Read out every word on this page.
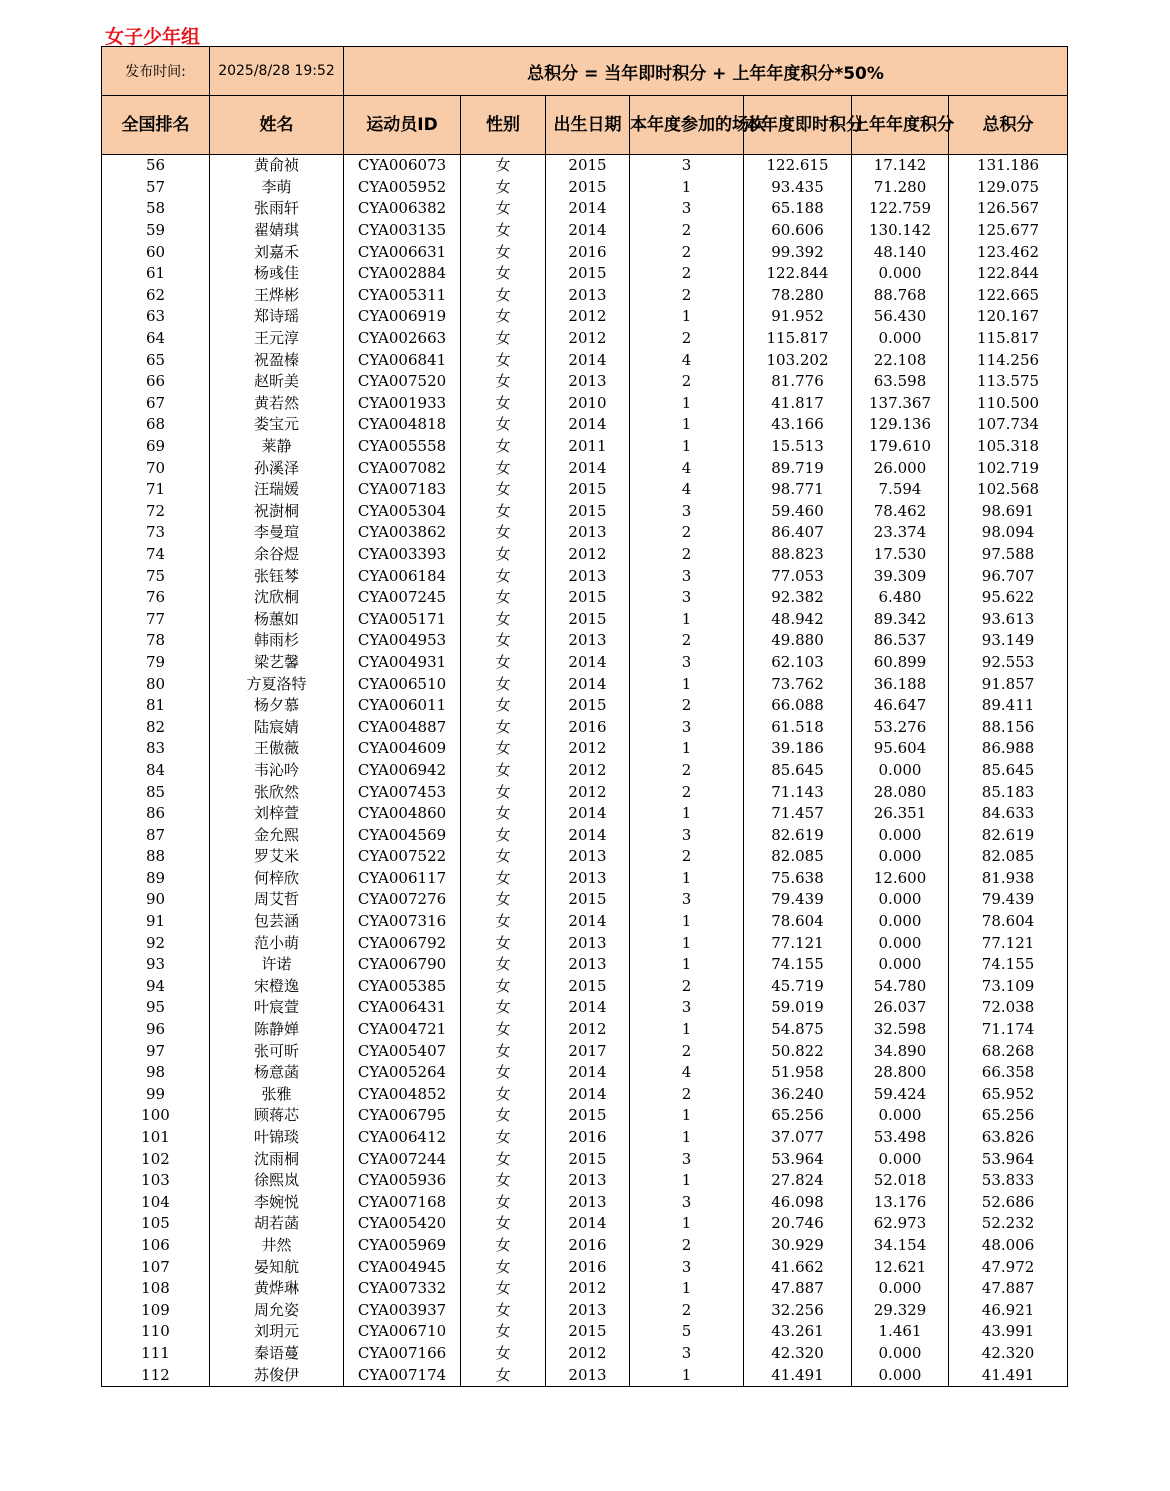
女子少年组
发布时间:	2025/8/28 19:52	总积分 = 当年即时积分 + 上年年度积分*50%						
全国排名	姓名	运动员ID	性别	出生日期	本年度参加的场次	本年度即时积分	上年年度积分	总积分
56	黄俞祯	CYA006073	女	2015	3	122.615	17.142	131.186
57	李萌	CYA005952	女	2015	1	93.435	71.280	129.075
58	张雨轩	CYA006382	女	2014	3	65.188	122.759	126.567
59	翟婧琪	CYA003135	女	2014	2	60.606	130.142	125.677
60	刘嘉禾	CYA006631	女	2016	2	99.392	48.140	123.462
61	杨彧佳	CYA002884	女	2015	2	122.844	0.000	122.844
62	王烨彬	CYA005311	女	2013	2	78.280	88.768	122.665
63	郑诗瑶	CYA006919	女	2012	1	91.952	56.430	120.167
64	王元淳	CYA002663	女	2012	2	115.817	0.000	115.817
65	祝盈榛	CYA006841	女	2014	4	103.202	22.108	114.256
66	赵昕美	CYA007520	女	2013	2	81.776	63.598	113.575
67	黄若然	CYA001933	女	2010	1	41.817	137.367	110.500
68	娄宝元	CYA004818	女	2014	1	43.166	129.136	107.734
69	莱静	CYA005558	女	2011	1	15.513	179.610	105.318
70	孙溪泽	CYA007082	女	2014	4	89.719	26.000	102.719
71	汪瑞媛	CYA007183	女	2015	4	98.771	7.594	102.568
72	祝澍桐	CYA005304	女	2015	3	59.460	78.462	98.691
73	李曼瑄	CYA003862	女	2013	2	86.407	23.374	98.094
74	余谷煜	CYA003393	女	2012	2	88.823	17.530	97.588
75	张钰棽	CYA006184	女	2013	3	77.053	39.309	96.707
76	沈欣桐	CYA007245	女	2015	3	92.382	6.480	95.622
77	杨蕙如	CYA005171	女	2015	1	48.942	89.342	93.613
78	韩雨杉	CYA004953	女	2013	2	49.880	86.537	93.149
79	梁艺馨	CYA004931	女	2014	3	62.103	60.899	92.553
80	方夏洛特	CYA006510	女	2014	1	73.762	36.188	91.857
81	杨夕慕	CYA006011	女	2015	2	66.088	46.647	89.411
82	陆宸婧	CYA004887	女	2016	3	61.518	53.276	88.156
83	王傲薇	CYA004609	女	2012	1	39.186	95.604	86.988
84	韦沁吟	CYA006942	女	2012	2	85.645	0.000	85.645
85	张欣然	CYA007453	女	2012	2	71.143	28.080	85.183
86	刘梓萱	CYA004860	女	2014	1	71.457	26.351	84.633
87	金允熙	CYA004569	女	2014	3	82.619	0.000	82.619
88	罗艾米	CYA007522	女	2013	2	82.085	0.000	82.085
89	何梓欣	CYA006117	女	2013	1	75.638	12.600	81.938
90	周艾哲	CYA007276	女	2015	3	79.439	0.000	79.439
91	包芸涵	CYA007316	女	2014	1	78.604	0.000	78.604
92	范小萌	CYA006792	女	2013	1	77.121	0.000	77.121
93	许诺	CYA006790	女	2013	1	74.155	0.000	74.155
94	宋橙逸	CYA005385	女	2015	2	45.719	54.780	73.109
95	叶宸萱	CYA006431	女	2014	3	59.019	26.037	72.038
96	陈静婵	CYA004721	女	2012	1	54.875	32.598	71.174
97	张可昕	CYA005407	女	2017	2	50.822	34.890	68.268
98	杨意菡	CYA005264	女	2014	4	51.958	28.800	66.358
99	张雅	CYA004852	女	2014	2	36.240	59.424	65.952
100	顾蒋芯	CYA006795	女	2015	1	65.256	0.000	65.256
101	叶锦琰	CYA006412	女	2016	1	37.077	53.498	63.826
102	沈雨桐	CYA007244	女	2015	3	53.964	0.000	53.964
103	徐熙岚	CYA005936	女	2013	1	27.824	52.018	53.833
104	李婉悦	CYA007168	女	2013	3	46.098	13.176	52.686
105	胡若菡	CYA005420	女	2014	1	20.746	62.973	52.232
106	井然	CYA005969	女	2016	2	30.929	34.154	48.006
107	晏知航	CYA004945	女	2016	3	41.662	12.621	47.972
108	黄烨琳	CYA007332	女	2012	1	47.887	0.000	47.887
109	周允姿	CYA003937	女	2013	2	32.256	29.329	46.921
110	刘玥元	CYA006710	女	2015	5	43.261	1.461	43.991
111	秦语蔓	CYA007166	女	2012	3	42.320	0.000	42.320
112	苏俊伊	CYA007174	女	2013	1	41.491	0.000	41.491
